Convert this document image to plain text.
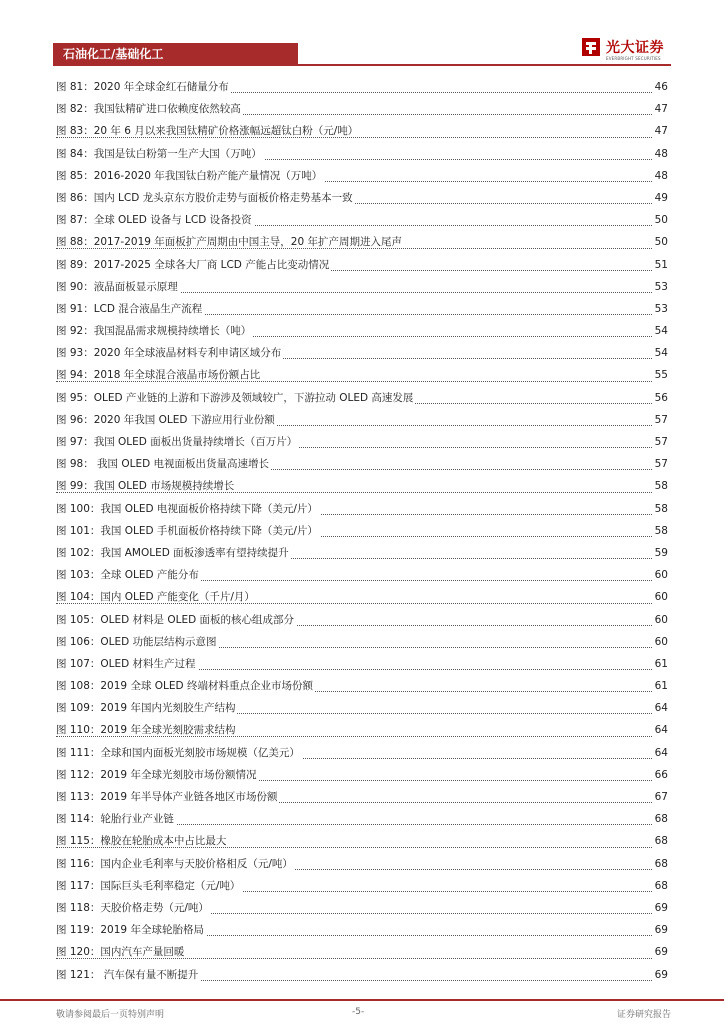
石油化工/基础化工	光大证券
EVERBRIGHT SECURITIES
图 81：2020 年全球金红石储量分布	46
图 82：我国钛精矿进口依赖度依然较高	47
图 83：20 年 6 月以来我国钛精矿价格涨幅远超钛白粉（元/吨）	47
图 84：我国是钛白粉第一生产大国（万吨）	48
图 85：2016-2020 年我国钛白粉产能产量情况（万吨）	48
图 86：国内 LCD 龙头京东方股价走势与面板价格走势基本一致	49
图 87：全球 OLED 设备与 LCD 设备投资	50
图 88：2017-2019 年面板扩产周期由中国主导，20 年扩产周期进入尾声	50
图 89：2017-2025 全球各大厂商 LCD 产能占比变动情况	51
图 90：液晶面板显示原理	53
图 91：LCD 混合液晶生产流程	53
图 92：我国混晶需求规模持续增长（吨）	54
图 93：2020 年全球液晶材料专利申请区域分布	54
图 94：2018 年全球混合液晶市场份额占比	55
图 95：OLED 产业链的上游和下游涉及领域较广，下游拉动 OLED 高速发展	56
图 96：2020 年我国 OLED 下游应用行业份额	57
图 97：我国 OLED 面板出货量持续增长（百万片）	57
图 98： 我国 OLED 电视面板出货量高速增长	57
图 99：我国 OLED 市场规模持续增长	58
图 100：我国 OLED 电视面板价格持续下降（美元/片）	58
图 101：我国 OLED 手机面板价格持续下降（美元/片）	58
图 102：我国 AMOLED 面板渗透率有望持续提升	59
图 103：全球 OLED 产能分布	60
图 104：国内 OLED 产能变化（千片/月）	60
图 105：OLED 材料是 OLED 面板的核心组成部分	60
图 106：OLED 功能层结构示意图	60
图 107：OLED 材料生产过程	61
图 108：2019 全球 OLED 终端材料重点企业市场份额	61
图 109：2019 年国内光刻胶生产结构	64
图 110：2019 年全球光刻胶需求结构	64
图 111：全球和国内面板光刻胶市场规模（亿美元）	64
图 112：2019 年全球光刻胶市场份额情况	66
图 113：2019 年半导体产业链各地区市场份额	67
图 114：轮胎行业产业链	68
图 115：橡胶在轮胎成本中占比最大	68
图 116：国内企业毛利率与天胶价格相反（元/吨）	68
图 117：国际巨头毛利率稳定（元/吨）	68
图 118：天胶价格走势（元/吨）	69
图 119：2019 年全球轮胎格局	69
图 120：国内汽车产量回暖	69
图 121： 汽车保有量不断提升	69
敬请参阅最后一页特别声明	-5-	证券研究报告
